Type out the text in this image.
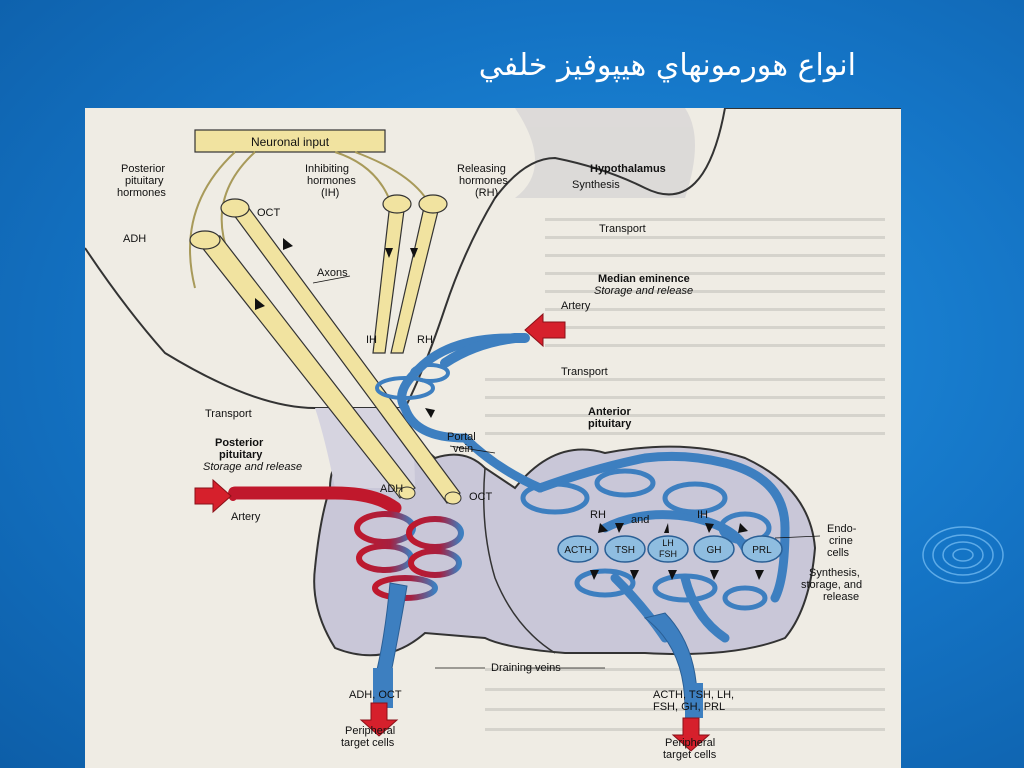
انواع هورمونهاي هيپوفيز خلفي
Neuronal input
ACTH TSH
LH
FSH	GH	PRL
Posterior
pituitary
hormones
Inhibiting
hormones
(IH)
Releasing
hormones
(RH)
Hypothalamus
Synthesis
Transport
OCT
ADH
Axons	Median eminence
Storage and release
Artery
IH	RH
Transport
Anterior
pituitary
Portal
vein
Transport
Posterior
pituitary
Storage and release
ADH
OCT
Artery	RH and	IH
Endo-
crine
cells
Synthesis,
storage, and
release
Draining veins
ADH, OCT
Peripheral
target cells
ACTH, TSH, LH,
FSH, GH, PRL
Peripheral
target cells
